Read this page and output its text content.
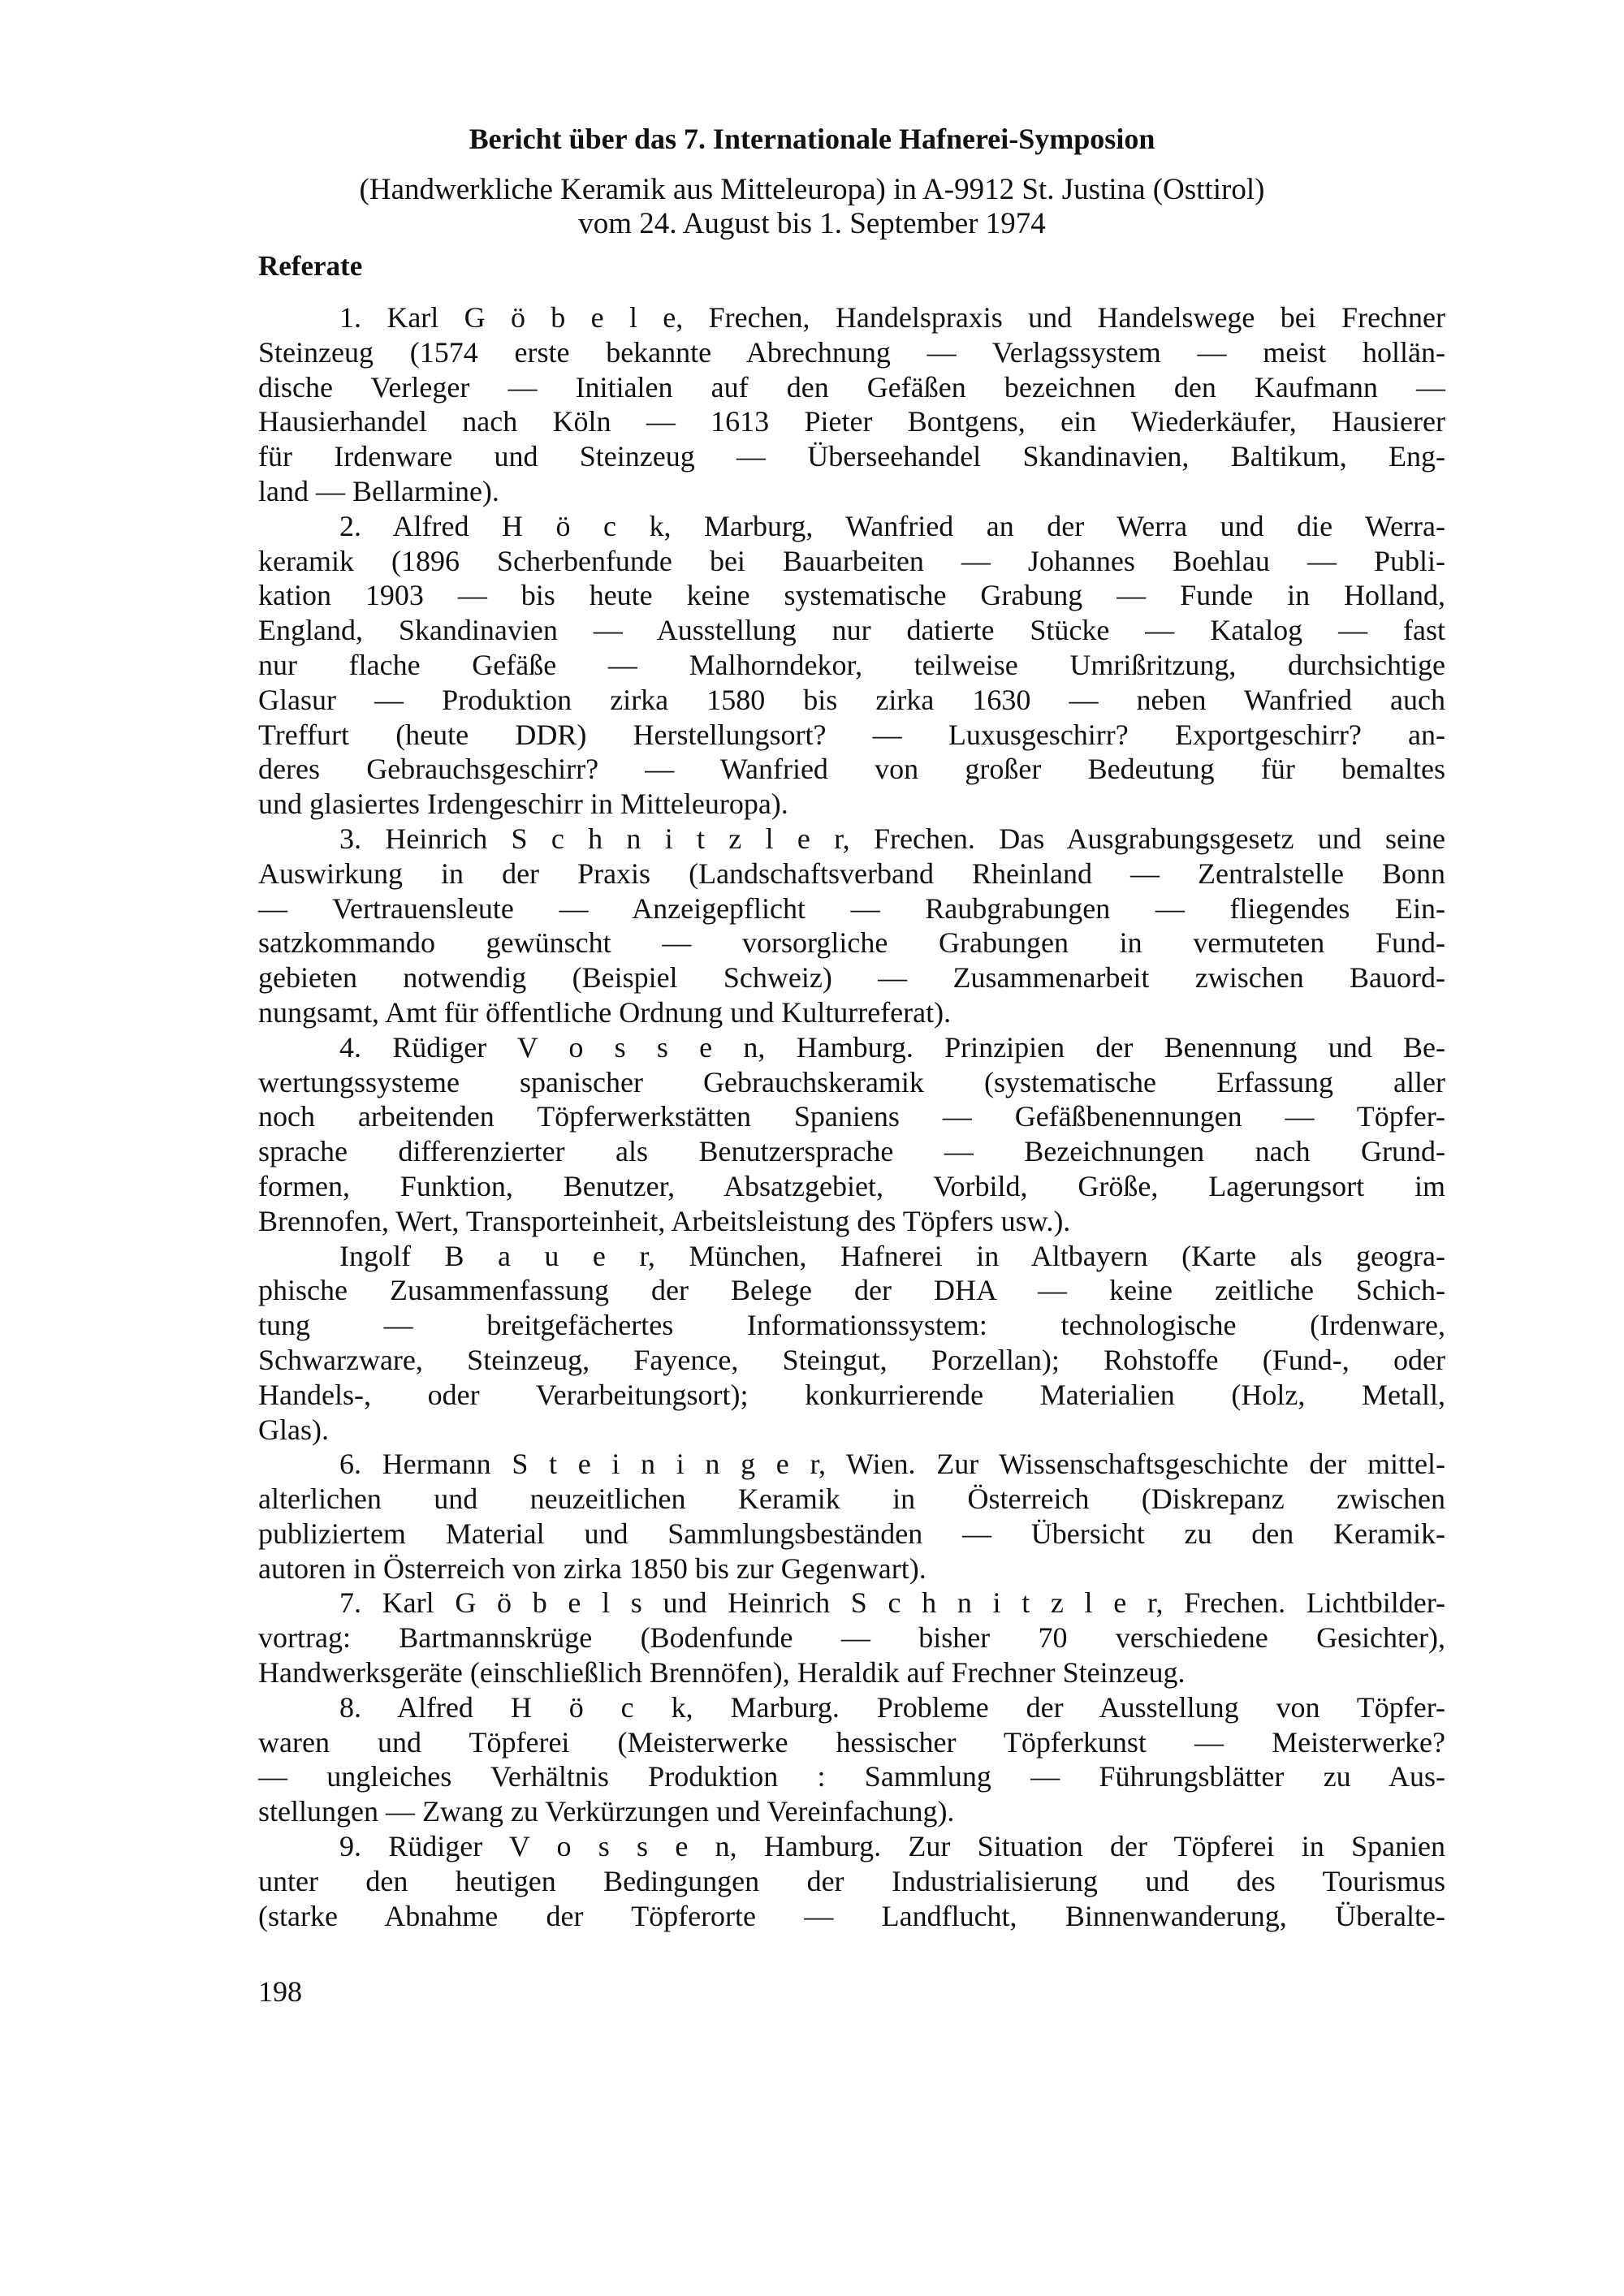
Bericht über das 7. Internationale Hafnerei-Symposion
(Handwerkliche Keramik aus Mitteleuropa) in A-9912 St. Justina (Osttirol)
vom 24. August bis 1. September 1974
Referate
1. Karl G ö b e l e, Frechen, Handelspraxis und Handelswege bei Frechner
Steinzeug (1574 erste bekannte Abrechnung — Verlagssystem — meist hollän-
dische Verleger — Initialen auf den Gefäßen bezeichnen den Kaufmann —
Hausierhandel nach Köln — 1613 Pieter Bontgens, ein Wiederkäufer, Hausierer
für Irdenware und Steinzeug — Überseehandel Skandinavien, Baltikum, Eng-
land — Bellarmine).
2. Alfred H ö c k, Marburg, Wanfried an der Werra und die Werra-
keramik (1896 Scherbenfunde bei Bauarbeiten — Johannes Boehlau — Publi-
kation 1903 — bis heute keine systematische Grabung — Funde in Holland,
England, Skandinavien — Ausstellung nur datierte Stücke — Katalog — fast
nur flache Gefäße — Malhorndekor, teilweise Umrißritzung, durchsichtige
Glasur — Produktion zirka 1580 bis zirka 1630 — neben Wanfried auch
Treffurt (heute DDR) Herstellungsort? — Luxusgeschirr? Exportgeschirr? an-
deres Gebrauchsgeschirr? — Wanfried von großer Bedeutung für bemaltes
und glasiertes Irdengeschirr in Mitteleuropa).
3. Heinrich S c h n i t z l e r, Frechen. Das Ausgrabungsgesetz und seine
Auswirkung in der Praxis (Landschaftsverband Rheinland — Zentralstelle Bonn
— Vertrauensleute — Anzeigepflicht — Raubgrabungen — fliegendes Ein-
satzkommando gewünscht — vorsorgliche Grabungen in vermuteten Fund-
gebieten notwendig (Beispiel Schweiz) — Zusammenarbeit zwischen Bauord-
nungsamt, Amt für öffentliche Ordnung und Kulturreferat).
4. Rüdiger V o s s e n, Hamburg. Prinzipien der Benennung und Be-
wertungssysteme spanischer Gebrauchskeramik (systematische Erfassung aller
noch arbeitenden Töpferwerkstätten Spaniens — Gefäßbenennungen — Töpfer-
sprache differenzierter als Benutzersprache — Bezeichnungen nach Grund-
formen, Funktion, Benutzer, Absatzgebiet, Vorbild, Größe, Lagerungsort im
Brennofen, Wert, Transporteinheit, Arbeitsleistung des Töpfers usw.).
Ingolf B a u e r, München, Hafnerei in Altbayern (Karte als geogra-
phische Zusammenfassung der Belege der DHA — keine zeitliche Schich-
tung — breitgefächertes Informationssystem: technologische (Irdenware,
Schwarzware, Steinzeug, Fayence, Steingut, Porzellan); Rohstoffe (Fund-, oder
Handels-, oder Verarbeitungsort); konkurrierende Materialien (Holz, Metall,
Glas).
6. Hermann S t e i n i n g e r, Wien. Zur Wissenschaftsgeschichte der mittel-
alterlichen und neuzeitlichen Keramik in Österreich (Diskrepanz zwischen
publiziertem Material und Sammlungsbeständen — Übersicht zu den Keramik-
autoren in Österreich von zirka 1850 bis zur Gegenwart).
7. Karl G ö b e l s und Heinrich S c h n i t z l e r, Frechen. Lichtbilder-
vortrag: Bartmannskrüge (Bodenfunde — bisher 70 verschiedene Gesichter),
Handwerksgeräte (einschließlich Brennöfen), Heraldik auf Frechner Steinzeug.
8. Alfred H ö c k, Marburg. Probleme der Ausstellung von Töpfer-
waren und Töpferei (Meisterwerke hessischer Töpferkunst — Meisterwerke?
— ungleiches Verhältnis Produktion : Sammlung — Führungsblätter zu Aus-
stellungen — Zwang zu Verkürzungen und Vereinfachung).
9. Rüdiger V o s s e n, Hamburg. Zur Situation der Töpferei in Spanien
unter den heutigen Bedingungen der Industrialisierung und des Tourismus
(starke Abnahme der Töpferorte — Landflucht, Binnenwanderung, Überalte-
198
